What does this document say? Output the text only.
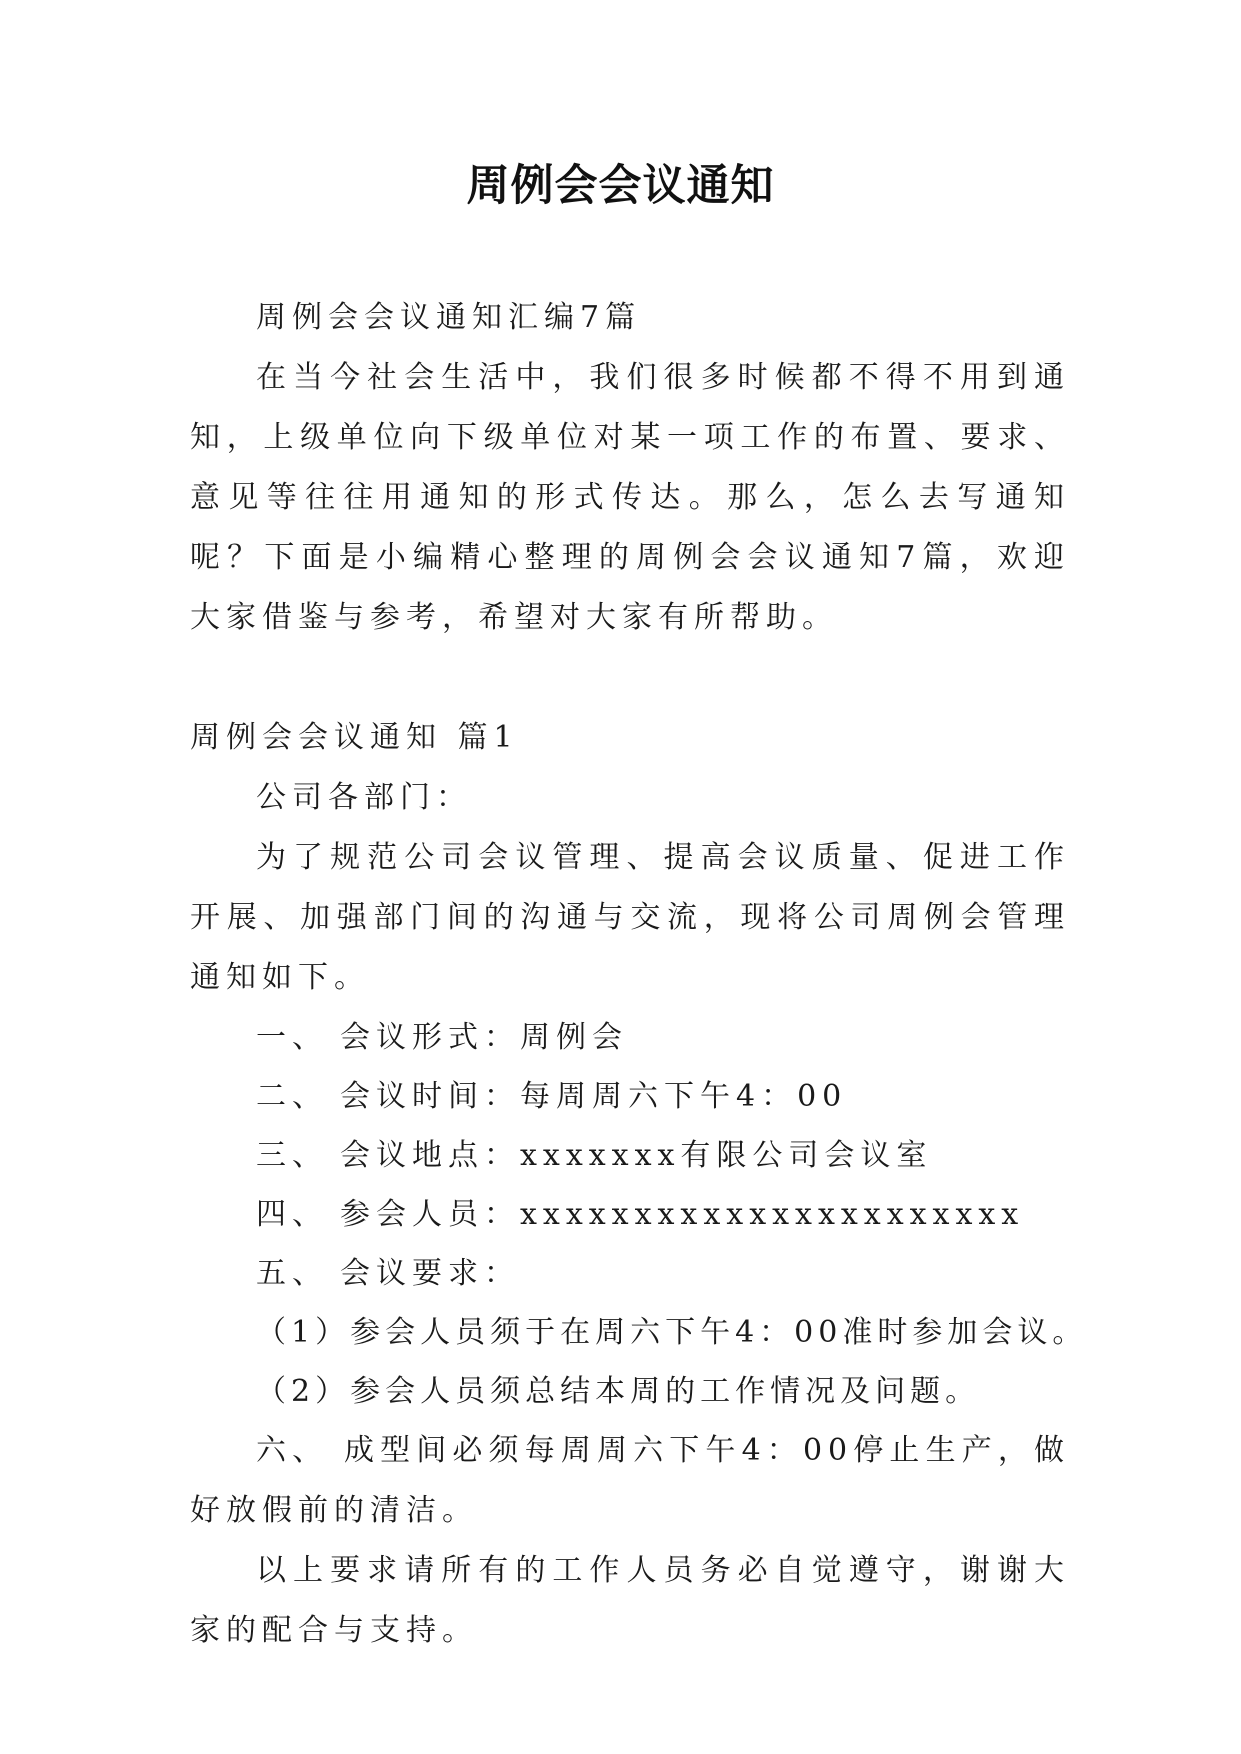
周例会会议通知

周例会会议通知汇编7篇

在当今社会生活中，我们很多时候都不得不用到通知，上级单位向下级单位对某一项工作的布置、要求、意见等往往用通知的形式传达。那么，怎么去写通知呢？下面是小编精心整理的周例会会议通知7篇，欢迎大家借鉴与参考，希望对大家有所帮助。

周例会会议通知 篇1

公司各部门：

为了规范公司会议管理、提高会议质量、促进工作开展、加强部门间的沟通与交流，现将公司周例会管理通知如下。

一、 会议形式：周例会

二、 会议时间：每周周六下午4：00

三、 会议地点：xxxxxxx有限公司会议室

四、 参会人员：xxxxxxxxxxxxxxxxxxxxxx

五、 会议要求：

（1）参会人员须于在周六下午4：00准时参加会议。

（2）参会人员须总结本周的工作情况及问题。

六、 成型间必须每周周六下午4：00停止生产，做好放假前的清洁。

以上要求请所有的工作人员务必自觉遵守，谢谢大家的配合与支持。
